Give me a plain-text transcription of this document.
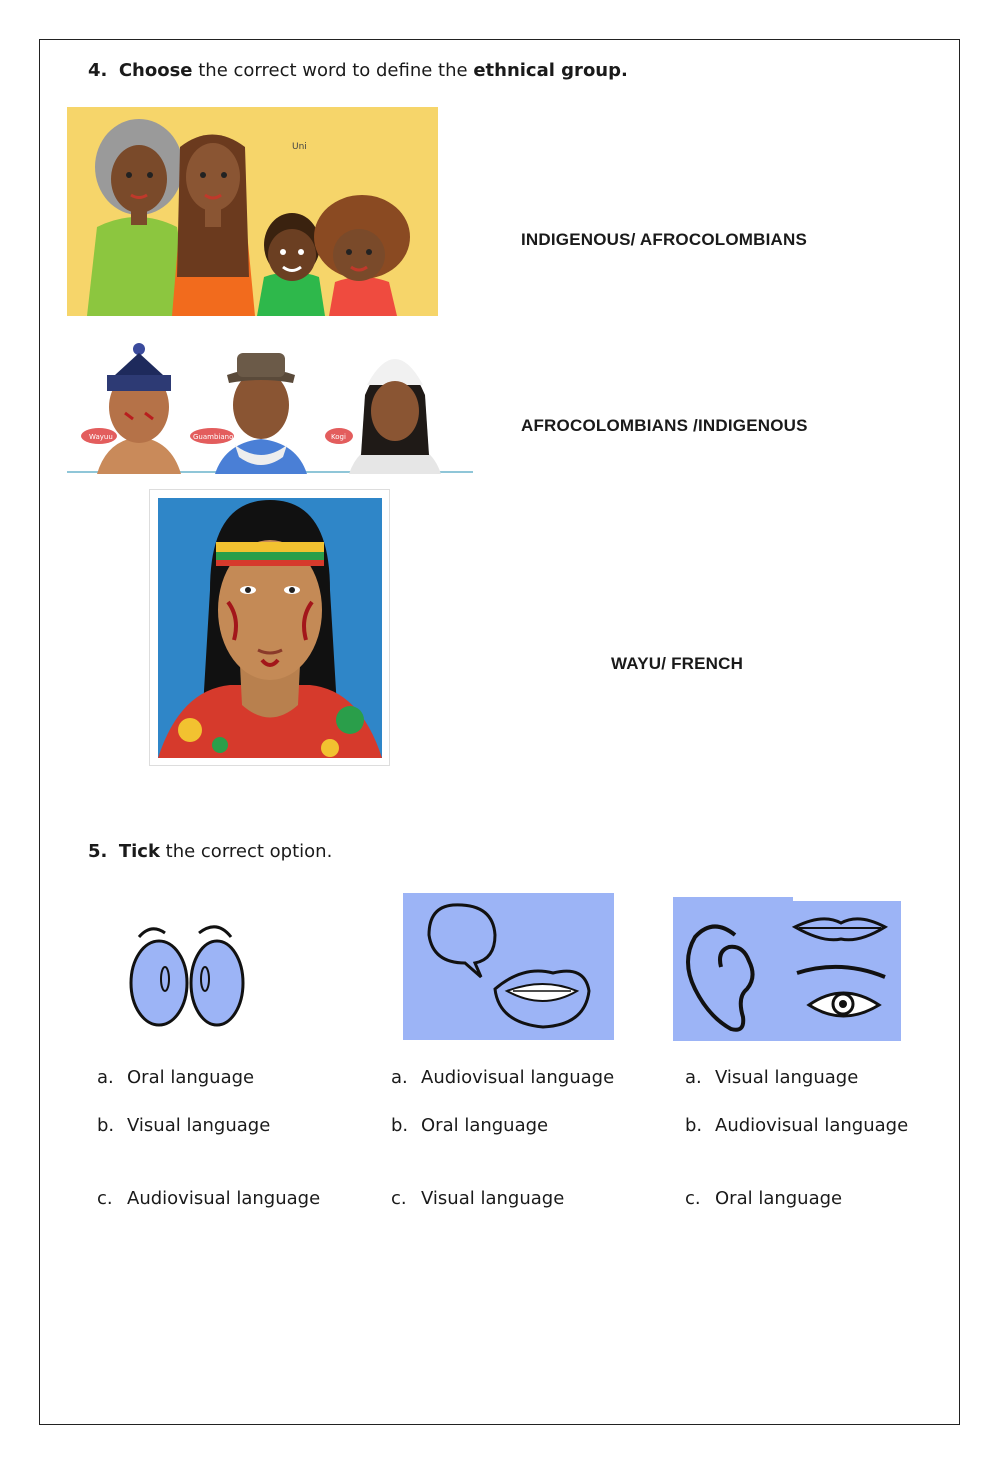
4. Choose the correct word to define the ethnical group.
Uni
INDIGENOUS/ AFROCOLOMBIANS
Wayuu	Guambiano	Kogi
AFROCOLOMBIANS /INDIGENOUS
WAYU/ FRENCH
5. Tick the correct option.
a. Oral language
b. Visual language
c. Audiovisual language
a. Audiovisual language
b. Oral language
c. Visual language
a. Visual language
b. Audiovisual language
c. Oral language
